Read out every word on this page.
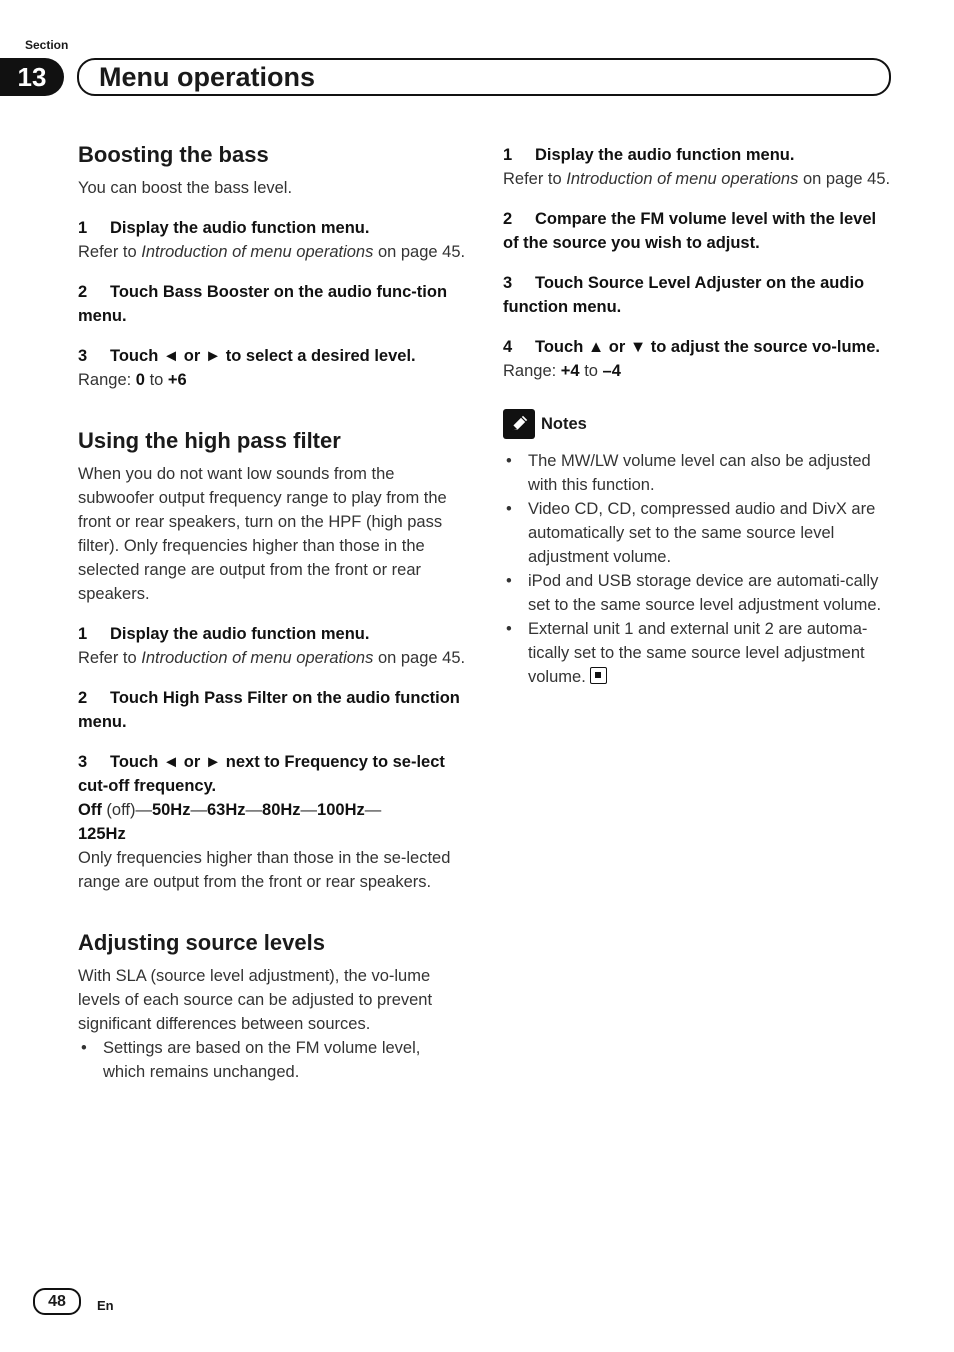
Section
13	Menu operations
Boosting the bass

You can boost the bass level.

1 Display the audio function menu.

Refer to Introduction of menu operations on page 45.

2 Touch Bass Booster on the audio func-tion menu.

3 Touch ◄ or ► to select a desired level.

Range: 0 to +6

Using the high pass filter

When you do not want low sounds from the subwoofer output frequency range to play from the front or rear speakers, turn on the HPF (high pass filter). Only frequencies higher than those in the selected range are output from the front or rear speakers.

1 Display the audio function menu.

Refer to Introduction of menu operations on page 45.

2 Touch High Pass Filter on the audio function menu.

3 Touch ◄ or ► next to Frequency to se-lect cut-off frequency.

Off (off)—50Hz—63Hz—80Hz—100Hz—
125Hz

Only frequencies higher than those in the se-lected range are output from the front or rear speakers.

Adjusting source levels

With SLA (source level adjustment), the vo-lume levels of each source can be adjusted to prevent significant differences between sources.

• Settings are based on the FM volume level, which remains unchanged.

1 Display the audio function menu.

Refer to Introduction of menu operations on page 45.

2 Compare the FM volume level with the level of the source you wish to adjust.

3 Touch Source Level Adjuster on the audio function menu.

4 Touch ▲ or ▼ to adjust the source vo-lume.

Range: +4 to –4

Notes
• The MW/LW volume level can also be adjusted with this function.
• Video CD, CD, compressed audio and DivX are automatically set to the same source level adjustment volume.
• iPod and USB storage device are automati-cally set to the same source level adjustment volume.
• External unit 1 and external unit 2 are automa-tically set to the same source level adjustment volume.
48	En
